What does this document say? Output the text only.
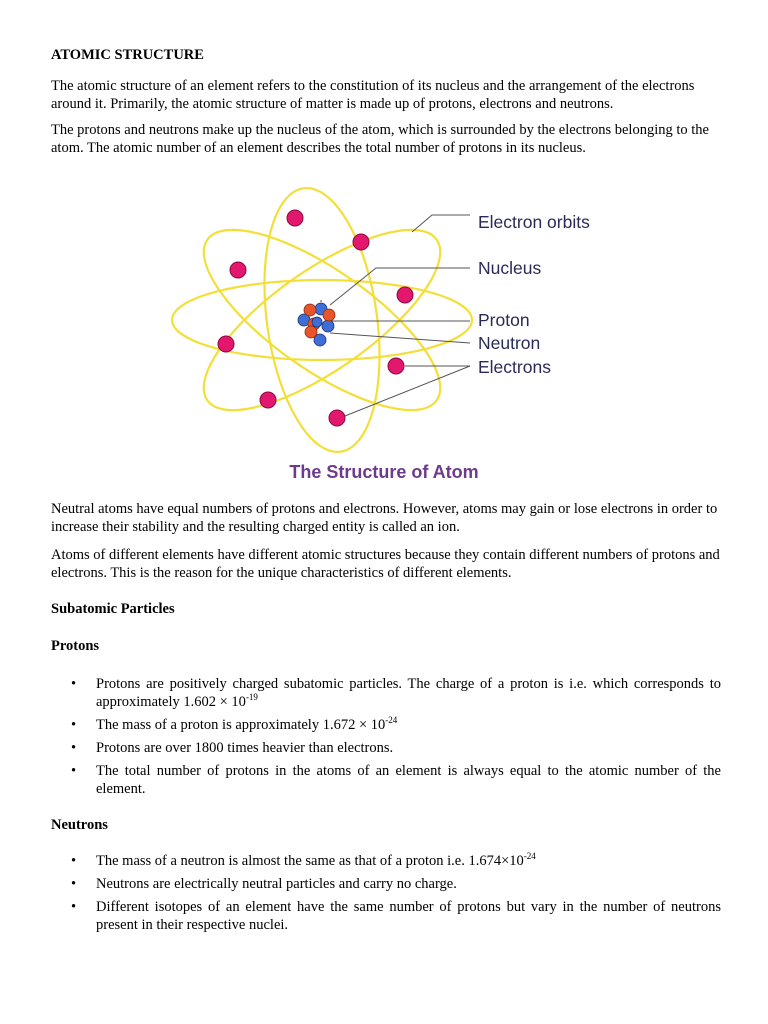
ATOMIC STRUCTURE

The atomic structure of an element refers to the constitution of its nucleus and the arrangement of the electrons around it. Primarily, the atomic structure of matter is made up of protons, electrons and neutrons.

The protons and neutrons make up the nucleus of the atom, which is surrounded by the electrons belonging to the atom. The atomic number of an element describes the total number of protons in its nucleus.

Electron orbits
Nucleus
Proton
Neutron
Electrons
The Structure of Atom

Neutral atoms have equal numbers of protons and electrons. However, atoms may gain or lose electrons in order to increase their stability and the resulting charged entity is called an ion.

Atoms of different elements have different atomic structures because they contain different numbers of protons and electrons. This is the reason for the unique characteristics of different elements.

Subatomic Particles
Protons
• Protons are positively charged subatomic particles. The charge of a proton is i.e. which corresponds to approximately $1.602 \times 10^{-19}$
• The mass of a proton is approximately $1.672 \times 10^{-24}$
• Protons are over 1800 times heavier than electrons.
• The total number of protons in the atoms of an element is always equal to the atomic number of the element.
Neutrons
• The mass of a neutron is almost the same as that of a proton i.e. $1.674\times 10^{-24}$
• Neutrons are electrically neutral particles and carry no charge.
• Different isotopes of an element have the same number of protons but vary in the number of neutrons present in their respective nuclei.
